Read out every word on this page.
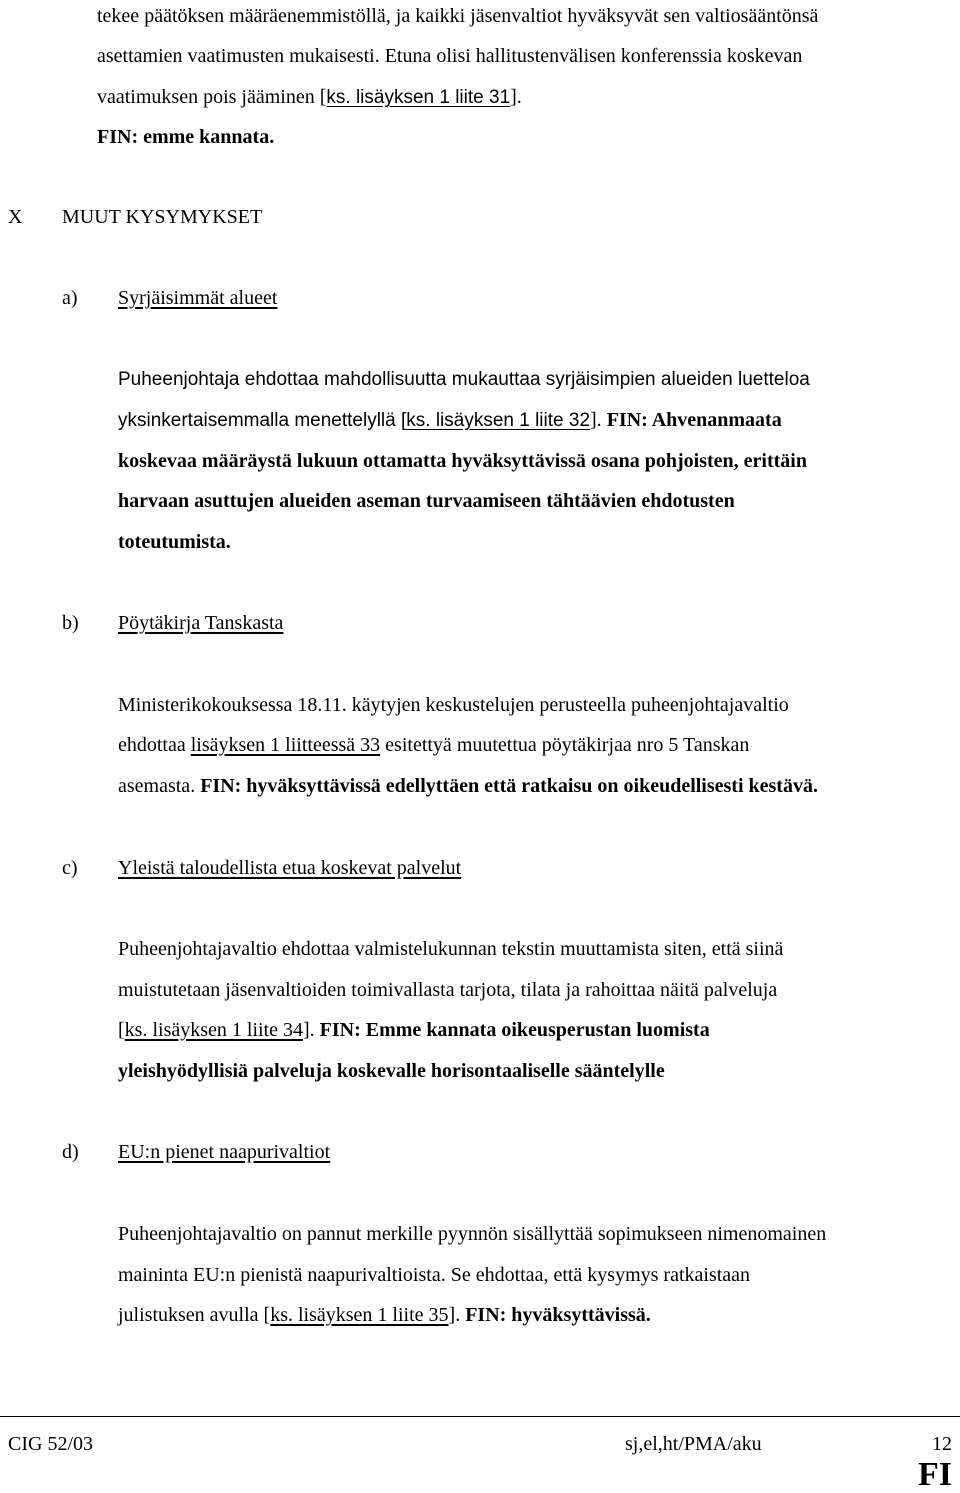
tekee päätöksen määräenemmistöllä, ja kaikki jäsenvaltiot hyväksyvät sen valtiosääntönsä
asettamien vaatimusten mukaisesti. Etuna olisi hallitustenvälisen konferenssia koskevan
vaatimuksen pois jääminen [ks. lisäyksen 1 liite 31].
FIN: emme kannata.
X MUUT KYSYMYKSET
a) Syrjäisimmät alueet
Puheenjohtaja ehdottaa mahdollisuutta mukauttaa syrjäisimpien alueiden luetteloa
yksinkertaisemmalla menettelyllä [ks. lisäyksen 1 liite 32]. FIN: Ahvenanmaata
koskevaa määräystä lukuun ottamatta hyväksyttävissä osana pohjoisten, erittäin
harvaan asuttujen alueiden aseman turvaamiseen tähtäävien ehdotusten
toteutumista.
b) Pöytäkirja Tanskasta
Ministerikokouksessa 18.11. käytyjen keskustelujen perusteella puheenjohtajavaltio
ehdottaa lisäyksen 1 liitteessä 33 esitettyä muutettua pöytäkirjaa nro 5 Tanskan
asemasta. FIN: hyväksyttävissä edellyttäen että ratkaisu on oikeudellisesti kestävä.
c) Yleistä taloudellista etua koskevat palvelut
Puheenjohtajavaltio ehdottaa valmistelukunnan tekstin muuttamista siten, että siinä
muistutetaan jäsenvaltioiden toimivallasta tarjota, tilata ja rahoittaa näitä palveluja
[ks. lisäyksen 1 liite 34]. FIN: Emme kannata oikeusperustan luomista
yleishyödyllisiä palveluja koskevalle horisontaaliselle sääntelylle
d) EU:n pienet naapurivaltiot
Puheenjohtajavaltio on pannut merkille pyynnön sisällyttää sopimukseen nimenomainen
maininta EU:n pienistä naapurivaltioista. Se ehdottaa, että kysymys ratkaistaan
julistuksen avulla [ks. lisäyksen 1 liite 35]. FIN: hyväksyttävissä.
CIG 52/03	sj,el,ht/PMA/aku	12
FI
